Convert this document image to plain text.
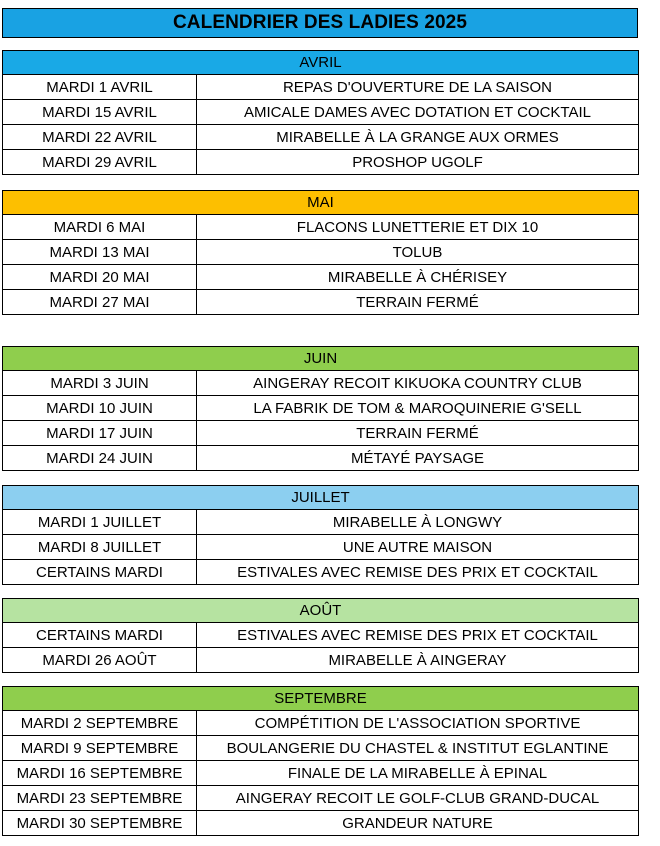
CALENDRIER DES LADIES 2025
AVRIL	
MARDI 1 AVRIL	REPAS D'OUVERTURE DE LA SAISON
MARDI 15 AVRIL	AMICALE DAMES AVEC DOTATION ET COCKTAIL
MARDI 22 AVRIL	MIRABELLE À LA GRANGE AUX ORMES
MARDI 29 AVRIL	PROSHOP UGOLF
MAI	
MARDI 6 MAI	FLACONS LUNETTERIE ET DIX 10
MARDI 13 MAI	TOLUB
MARDI 20 MAI	MIRABELLE À CHÉRISEY
MARDI 27 MAI	TERRAIN FERMÉ
JUIN	
MARDI 3 JUIN	AINGERAY RECOIT KIKUOKA COUNTRY CLUB
MARDI 10 JUIN	LA FABRIK DE TOM & MAROQUINERIE G'SELL
MARDI 17 JUIN	TERRAIN FERMÉ
MARDI 24 JUIN	MÉTAYÉ PAYSAGE
JUILLET	
MARDI 1 JUILLET	MIRABELLE À LONGWY
MARDI 8 JUILLET	UNE AUTRE MAISON
CERTAINS MARDI	ESTIVALES AVEC REMISE DES PRIX ET COCKTAIL
AOÛT	
CERTAINS MARDI	ESTIVALES AVEC REMISE DES PRIX ET COCKTAIL
MARDI 26 AOÛT	MIRABELLE À AINGERAY
SEPTEMBRE	
MARDI 2 SEPTEMBRE	COMPÉTITION DE L'ASSOCIATION SPORTIVE
MARDI 9 SEPTEMBRE	BOULANGERIE DU CHASTEL & INSTITUT EGLANTINE
MARDI 16 SEPTEMBRE	FINALE DE LA MIRABELLE À EPINAL
MARDI 23 SEPTEMBRE	AINGERAY RECOIT LE GOLF-CLUB GRAND-DUCAL
MARDI 30 SEPTEMBRE	GRANDEUR NATURE
